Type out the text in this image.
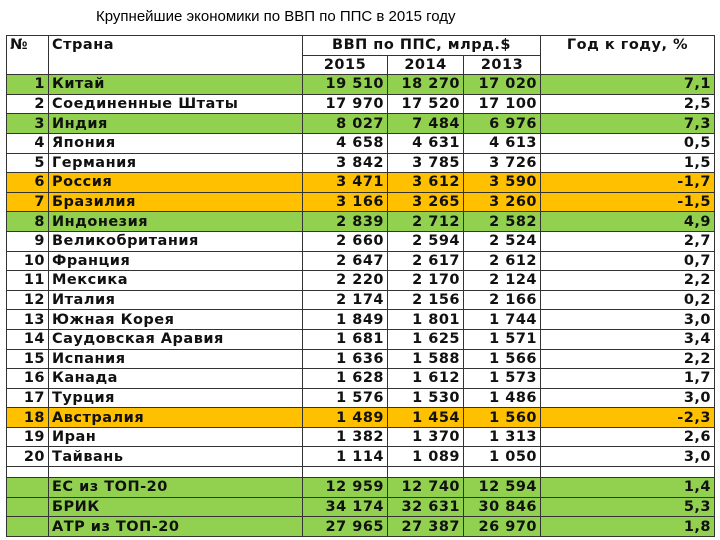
Крупнейшие экономики по ВВП по ППС в 2015 году
№	Страна	ВВП по ППС, млрд.$			Год к году, %
		2015	2014	2013	
1	Китай	19 510	18 270	17 020	7,1
2	Соединенные Штаты	17 970	17 520	17 100	2,5
3	Индия	8 027	7 484	6 976	7,3
4	Япония	4 658	4 631	4 613	0,5
5	Германия	3 842	3 785	3 726	1,5
6	Россия	3 471	3 612	3 590	-1,7
7	Бразилия	3 166	3 265	3 260	-1,5
8	Индонезия	2 839	2 712	2 582	4,9
9	Великобритания	2 660	2 594	2 524	2,7
10	Франция	2 647	2 617	2 612	0,7
11	Мексика	2 220	2 170	2 124	2,2
12	Италия	2 174	2 156	2 166	0,2
13	Южная Корея	1 849	1 801	1 744	3,0
14	Саудовская Аравия	1 681	1 625	1 571	3,4
15	Испания	1 636	1 588	1 566	2,2
16	Канада	1 628	1 612	1 573	1,7
17	Турция	1 576	1 530	1 486	3,0
18	Австралия	1 489	1 454	1 560	-2,3
19	Иран	1 382	1 370	1 313	2,6
20	Тайвань	1 114	1 089	1 050	3,0

	ЕС из ТОП-20	12 959	12 740	12 594	1,4
	БРИК	34 174	32 631	30 846	5,3
	АТР из ТОП-20	27 965	27 387	26 970	1,8
